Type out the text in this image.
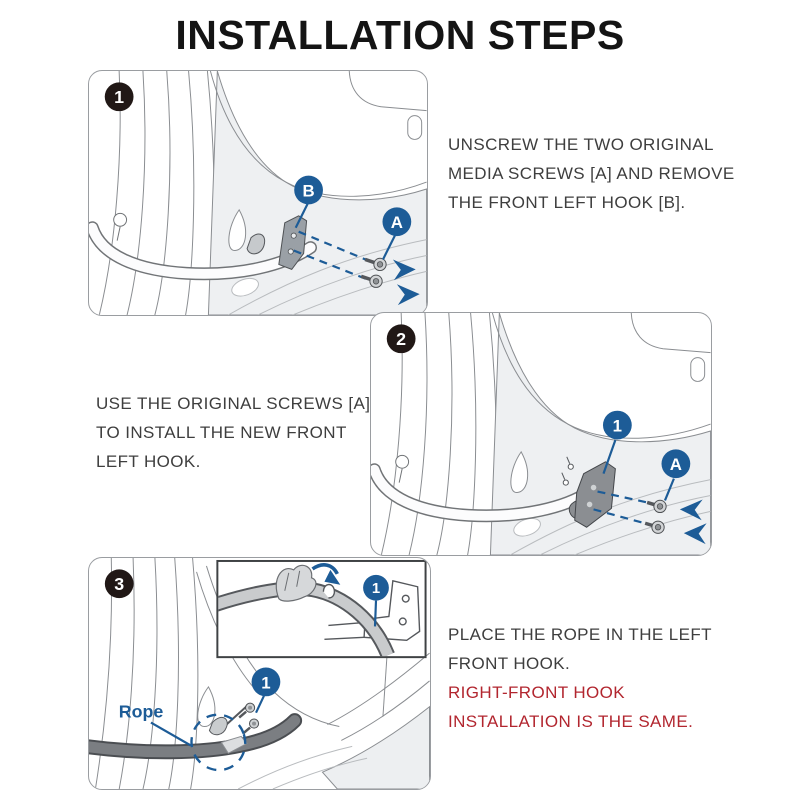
INSTALLATION STEPS
B
A
1
UNSCREW THE TWO ORIGINAL
MEDIA SCREWS [A] AND REMOVE
THE FRONT LEFT HOOK [B].
1
A
2
USE THE ORIGINAL SCREWS [A]
TO INSTALL THE NEW FRONT
LEFT HOOK.
1
Rope
1
3
PLACE THE ROPE IN THE LEFT
FRONT HOOK.
RIGHT-FRONT HOOK
INSTALLATION IS THE SAME.
